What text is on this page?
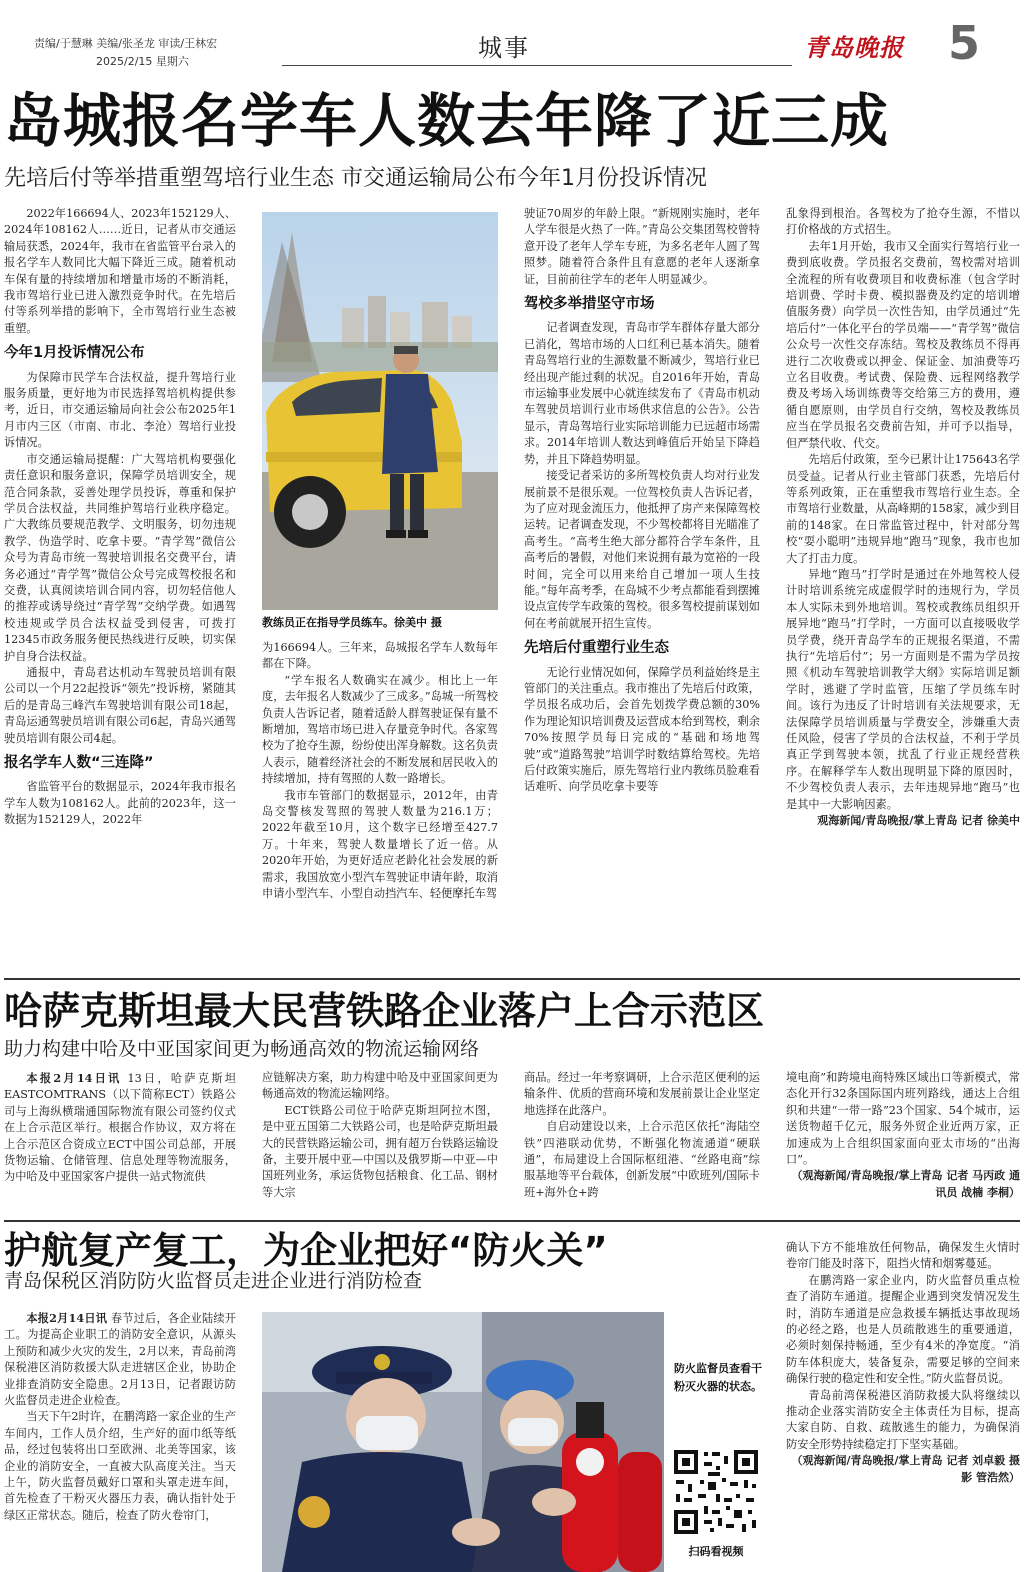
责编/于慧琳 美编/张圣龙 审读/王林宏
2025/2/15 星期六	城事	青岛晚报 5
岛城报名学车人数去年降了近三成
先培后付等举措重塑驾培行业生态 市交通运输局公布今年1月份投诉情况

2022年166694人、2023年152129人、2024年108162人……近日，记者从市交通运输局获悉，2024年，我市在省监管平台录入的报名学车人数同比大幅下降近三成。随着机动车保有量的持续增加和增量市场的不断消耗，我市驾培行业已进入激烈竞争时代。在先培后付等系列举措的影响下，全市驾培行业生态被重塑。

今年1月投诉情况公布

为保障市民学车合法权益，提升驾培行业服务质量，更好地为市民选择驾培机构提供参考，近日，市交通运输局向社会公布2025年1月市内三区（市南、市北、李沧）驾培行业投诉情况。

市交通运输局提醒：广大驾培机构要强化责任意识和服务意识，保障学员培训安全，规范合同条款，妥善处理学员投诉，尊重和保护学员合法权益，共同维护驾培行业秩序稳定。广大教练员要规范教学、文明服务，切勿违规教学、伪造学时、吃拿卡要。“青学驾”微信公众号为青岛市统一驾驶培训报名交费平台，请务必通过“青学驾”微信公众号完成驾校报名和交费，认真阅读培训合同内容，切勿轻信他人的推荐或诱导绕过“青学驾”交纳学费。如遇驾校违规或学员合法权益受到侵害，可拨打12345市政务服务便民热线进行反映，切实保护自身合法权益。

通报中，青岛君达机动车驾驶员培训有限公司以一个月22起投诉“领先”投诉榜，紧随其后的是青岛三峰汽车驾驶培训有限公司18起，青岛运通驾驶员培训有限公司6起，青岛兴通驾驶员培训有限公司4起。

报名学车人数“三连降”

省监管平台的数据显示，2024年我市报名学车人数为108162人。此前的2023年，这一数据为152129人，2022年

教练员正在指导学员练车。徐美中 摄

为166694人。三年来，岛城报名学车人数每年都在下降。

“学车报名人数确实在减少。相比上一年度，去年报名人数减少了三成多。”岛城一所驾校负责人告诉记者，随着适龄人群驾驶证保有量不断增加，驾培市场已进入存量竞争时代。各家驾校为了抢夺生源，纷纷使出浑身解数。这名负责人表示，随着经济社会的不断发展和居民收入的持续增加，持有驾照的人数一路增长。

我市车管部门的数据显示，2012年，由青岛交警核发驾照的驾驶人数量为216.1万；2022年截至10月，这个数字已经增至427.7万。十年来，驾驶人数量增长了近一倍。从2020年开始，为更好适应老龄化社会发展的新需求，我国放宽小型汽车驾驶证申请年龄，取消申请小型汽车、小型自动挡汽车、轻便摩托车驾

驶证70周岁的年龄上限。“新规刚实施时，老年人学车很是火热了一阵。”青岛公交集团驾校曾特意开设了老年人学车专班，为多名老年人圆了驾照梦。随着符合条件且有意愿的老年人逐渐拿证，目前前往学车的老年人明显减少。

驾校多举措坚守市场

记者调查发现，青岛市学车群体存量大部分已消化，驾培市场的人口红利已基本消失。随着青岛驾培行业的生源数量不断减少，驾培行业已经出现产能过剩的状况。自2016年开始，青岛市运输事业发展中心就连续发布了《青岛市机动车驾驶员培训行业市场供求信息的公告》。公告显示，青岛驾培行业实际培训能力已远超市场需求。2014年培训人数达到峰值后开始呈下降趋势，并且下降趋势明显。

接受记者采访的多所驾校负责人均对行业发展前景不是很乐观。一位驾校负责人告诉记者，为了应对现金流压力，他抵押了房产来保障驾校运转。记者调查发现，不少驾校都将目光瞄准了高考生。“高考生绝大部分都符合学车条件，且高考后的暑假，对他们来说拥有最为宽裕的一段时间，完全可以用来给自己增加一项人生技能。”每年高考季，在岛城不少考点都能看到摆摊设点宣传学车政策的驾校。很多驾校提前谋划如何在考前就展开招生宣传。

先培后付重塑行业生态

无论行业情况如何，保障学员利益始终是主管部门的关注重点。我市推出了先培后付政策，学员报名成功后，会首先划拨学费总额的30%作为理论知识培训费及运营成本给到驾校，剩余70%按照学员每日完成的“基础和场地驾驶”或“道路驾驶”培训学时数结算给驾校。先培后付政策实施后，原先驾培行业内教练员脸难看话难听、向学员吃拿卡要等

乱象得到根治。各驾校为了抢夺生源，不惜以打价格战的方式招生。

去年1月开始，我市又全面实行驾培行业一费到底收费。学员报名交费前，驾校需对培训全流程的所有收费项目和收费标准（包含学时培训费、学时卡费、模拟器费及约定的培训增值服务费）向学员一次性告知，由学员通过“先培后付”一体化平台的学员端——“青学驾”微信公众号一次性交存冻结。驾校及教练员不得再进行二次收费或以押金、保证金、加油费等巧立名目收费。考试费、保险费、远程网络教学费及考场入场训练费等交给第三方的费用，遵循自愿原则，由学员自行交纳，驾校及教练员应当在学员报名交费前告知，并可予以指导，但严禁代收、代交。

先培后付政策，至今已累计让175643名学员受益。记者从行业主管部门获悉，先培后付等系列政策，正在重塑我市驾培行业生态。全市驾培行业数量，从高峰期的158家，减少到目前的148家。在日常监管过程中，针对部分驾校“耍小聪明”违规异地“跑马”现象，我市也加大了打击力度。

异地“跑马”打学时是通过在外地驾校人侵计时培训系统完成虚假学时的违规行为，学员本人实际未到外地培训。驾校或教练员组织开展异地“跑马”打学时，一方面可以直接吸收学员学费，绕开青岛学车的正规报名渠道，不需执行“先培后付”；另一方面则是不需为学员按照《机动车驾驶培训教学大纲》实际培训足额学时，逃避了学时监管，压缩了学员练车时间。该行为违反了计时培训有关法规要求，无法保障学员培训质量与学费安全，涉嫌重大责任风险，侵害了学员的合法权益，不利于学员真正学到驾驶本领，扰乱了行业正规经营秩序。在解释学车人数出现明显下降的原因时，不少驾校负责人表示，去年违规异地“跑马”也是其中一大影响因素。

观海新闻/青岛晚报/掌上青岛 记者 徐美中

哈萨克斯坦最大民营铁路企业落户上合示范区
助力构建中哈及中亚国家间更为畅通高效的物流运输网络

本报2月14日讯 13日，哈萨克斯坦EASTCOMTRANS（以下简称ECT）铁路公司与上海纵横瑞通国际物流有限公司签约仪式在上合示范区举行。根据合作协议，双方将在上合示范区合资成立ECT中国公司总部，开展货物运输、仓储管理、信息处理等物流服务，为中哈及中亚国家客户提供一站式物流供

应链解决方案，助力构建中哈及中亚国家间更为畅通高效的物流运输网络。

ECT铁路公司位于哈萨克斯坦阿拉木图，是中亚五国第二大铁路公司，也是哈萨克斯坦最大的民营铁路运输公司，拥有超万台铁路运输设备，主要开展中亚—中国以及俄罗斯—中亚—中国班列业务，承运货物包括粮食、化工品、钢材等大宗

商品。经过一年考察调研，上合示范区便利的运输条件、优质的营商环境和发展前景让企业坚定地选择在此落户。

自启动建设以来，上合示范区依托“海陆空铁”四港联动优势，不断强化物流通道“硬联通”，布局建设上合国际枢纽港、“丝路电商”综服基地等平台载体，创新发展“中欧班列/国际卡班+海外仓+跨

境电商”和跨境电商特殊区域出口等新模式，常态化开行32条国际国内班列路线，通达上合组织和共建“一带一路”23个国家、54个城市，运送货物超千亿元，服务外贸企业近两万家，正加速成为上合组织国家面向亚太市场的“出海口”。

（观海新闻/青岛晚报/掌上青岛 记者 马丙政 通讯员 战楠 李桐）

护航复产复工，为企业把好“防火关”
青岛保税区消防防火监督员走进企业进行消防检查

本报2月14日讯 春节过后，各企业陆续开工。为提高企业职工的消防安全意识，从源头上预防和减少火灾的发生，2月以来，青岛前湾保税港区消防救援大队走进辖区企业，协助企业排查消防安全隐患。2月13日，记者跟访防火监督员走进企业检查。

当天下午2时许，在鹏湾路一家企业的生产车间内，工作人员介绍，生产好的面巾纸等纸品，经过包装将出口至欧洲、北美等国家，该企业的消防安全，一直被大队高度关注。当天上午，防火监督员戴好口罩和头罩走进车间，首先检查了干粉灭火器压力表，确认指针处于绿区正常状态。随后，检查了防火卷帘门，

防火监督员查看干粉灭火器的状态。
扫码看视频

确认下方不能堆放任何物品，确保发生火情时卷帘门能及时落下，阻挡火情和烟雾蔓延。

在鹏湾路一家企业内，防火监督员重点检查了消防车通道。提醒企业遇到突发情况发生时，消防车通道是应急救援车辆抵达事故现场的必经之路，也是人员疏散逃生的重要通道，必须时刻保持畅通，至少有4米的净宽度。“消防车体积庞大，装备复杂，需要足够的空间来确保行驶的稳定性和安全性。”防火监督员说。

青岛前湾保税港区消防救援大队将继续以推动企业落实消防安全主体责任为目标，提高大家自防、自救、疏散逃生的能力，为确保消防安全形势持续稳定打下坚实基础。

（观海新闻/青岛晚报/掌上青岛 记者 刘卓毅 摄影 管浩然）
